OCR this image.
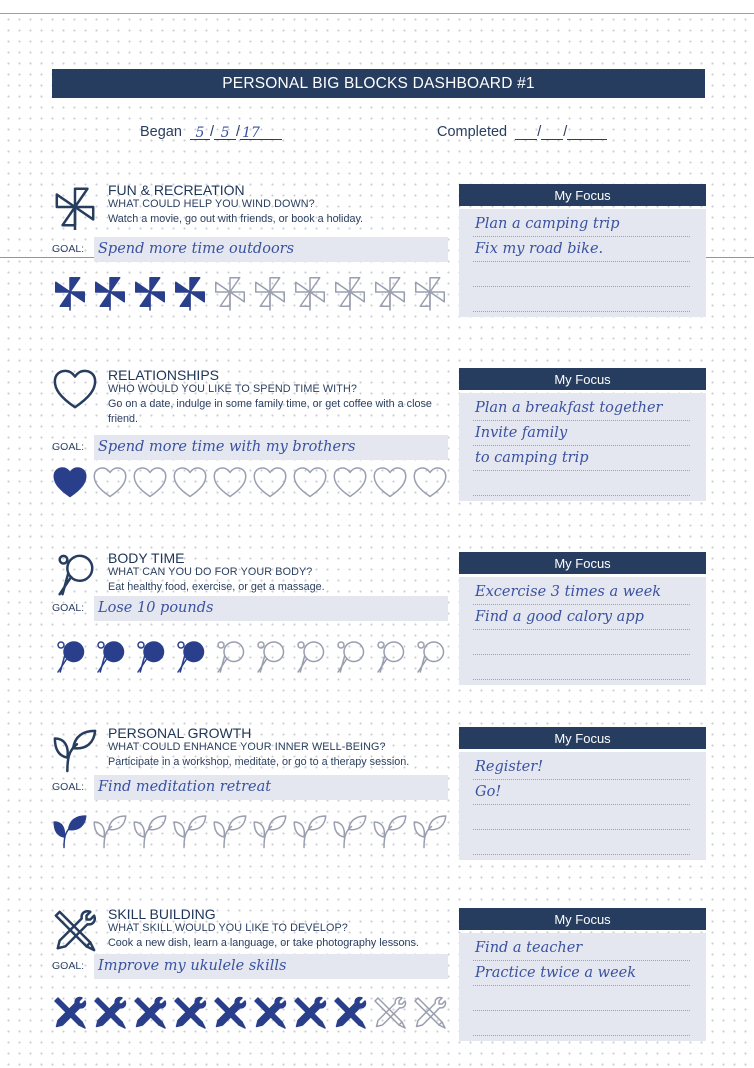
PERSONAL BIG BLOCKS DASHBOARD #1
Began 5 / 5 / 17	Completed / /
FUN & RECREATION
WHAT COULD HELP YOU WIND DOWN?
Watch a movie, go out with friends, or book a holiday.
GOAL: Spend more time outdoors
My Focus
Plan a camping trip
Fix my road bike.
RELATIONSHIPS
WHO WOULD YOU LIKE TO SPEND TIME WITH?
Go on a date, indulge in some family time, or get coffee with a close friend.
GOAL: Spend more time with my brothers
My Focus
Plan a breakfast together
Invite family
to camping trip
BODY TIME
WHAT CAN YOU DO FOR YOUR BODY?
Eat healthy food, exercise, or get a massage.
GOAL: Lose 10 pounds
My Focus
Excercise 3 times a week
Find a good calory app
PERSONAL GROWTH
WHAT COULD ENHANCE YOUR INNER WELL-BEING?
Participate in a workshop, meditate, or go to a therapy session.
GOAL: Find meditation retreat
My Focus
Register!
Go!
SKILL BUILDING
WHAT SKILL WOULD YOU LIKE TO DEVELOP?
Cook a new dish, learn a language, or take photography lessons.
GOAL: Improve my ukulele skills
My Focus
Find a teacher
Practice twice a week
